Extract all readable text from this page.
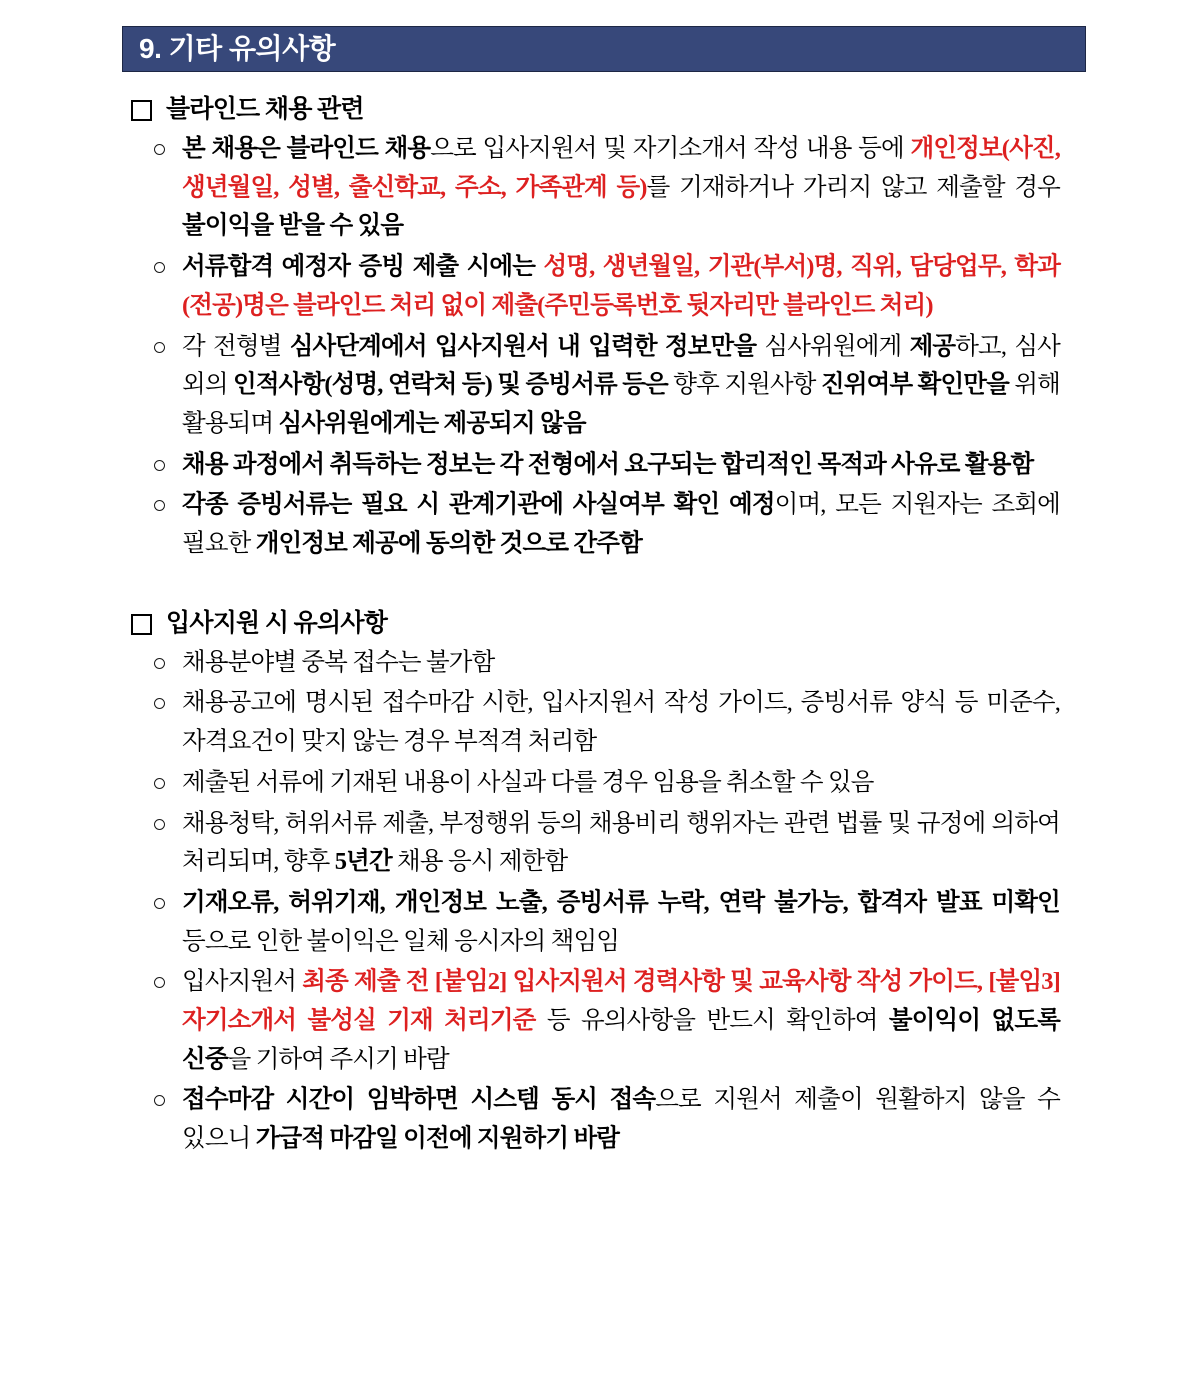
9. 기타 유의사항
블라인드 채용 관련
본 채용은 블라인드 채용으로 입사지원서 및 자기소개서 작성 내용 등에 개인정보(사진, 생년월일, 성별, 출신학교, 주소, 가족관계 등)를 기재하거나 가리지 않고 제출할 경우 불이익을 받을 수 있음
서류합격 예정자 증빙 제출 시에는 성명, 생년월일, 기관(부서)명, 직위, 담당업무, 학과(전공)명은 블라인드 처리 없이 제출(주민등록번호 뒷자리만 블라인드 처리)
각 전형별 심사단계에서 입사지원서 내 입력한 정보만을 심사위원에게 제공하고, 심사 외의 인적사항(성명, 연락처 등) 및 증빙서류 등은 향후 지원사항 진위여부 확인만을 위해 활용되며 심사위원에게는 제공되지 않음
채용 과정에서 취득하는 정보는 각 전형에서 요구되는 합리적인 목적과 사유로 활용함
각종 증빙서류는 필요 시 관계기관에 사실여부 확인 예정이며, 모든 지원자는 조회에 필요한 개인정보 제공에 동의한 것으로 간주함
입사지원 시 유의사항
채용분야별 중복 접수는 불가함
채용공고에 명시된 접수마감 시한, 입사지원서 작성 가이드, 증빙서류 양식 등 미준수, 자격요건이 맞지 않는 경우 부적격 처리함
제출된 서류에 기재된 내용이 사실과 다를 경우 임용을 취소할 수 있음
채용청탁, 허위서류 제출, 부정행위 등의 채용비리 행위자는 관련 법률 및 규정에 의하여 처리되며, 향후 5년간 채용 응시 제한함
기재오류, 허위기재, 개인정보 노출, 증빙서류 누락, 연락 불가능, 합격자 발표 미확인 등으로 인한 불이익은 일체 응시자의 책임임
입사지원서 최종 제출 전 [붙임2] 입사지원서 경력사항 및 교육사항 작성 가이드, [붙임3] 자기소개서 불성실 기재 처리기준 등 유의사항을 반드시 확인하여 불이익이 없도록 신중을 기하여 주시기 바람
접수마감 시간이 임박하면 시스템 동시 접속으로 지원서 제출이 원활하지 않을 수 있으니 가급적 마감일 이전에 지원하기 바람
